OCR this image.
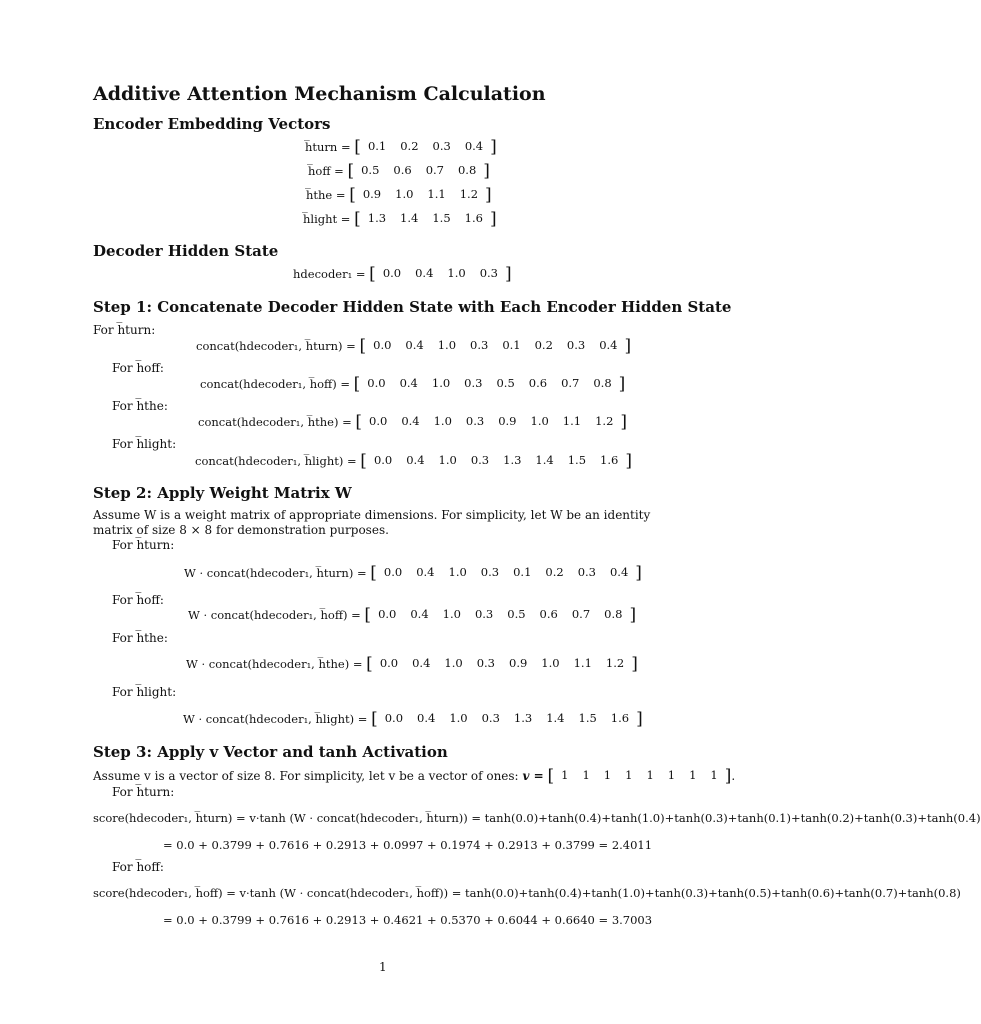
Additive Attention Mechanism Calculation
Encoder Embedding Vectors
h̅turn = [ 0.1 0.2 0.3 0.4 ]
h̅off = [ 0.5 0.6 0.7 0.8 ]
h̅the = [ 0.9 1.0 1.1 1.2 ]
h̅light = [ 1.3 1.4 1.5 1.6 ]
Decoder Hidden State
hdecoder₁ = [ 0.0 0.4 1.0 0.3 ]
Step 1: Concatenate Decoder Hidden State with Each Encoder Hidden State
For h̅turn:
concat(hdecoder₁, h̅turn) = [ 0.0 0.4 1.0 0.3 0.1 0.2 0.3 0.4 ]
For h̅off:
concat(hdecoder₁, h̅off) = [ 0.0 0.4 1.0 0.3 0.5 0.6 0.7 0.8 ]
For h̅the:
concat(hdecoder₁, h̅the) = [ 0.0 0.4 1.0 0.3 0.9 1.0 1.1 1.2 ]
For h̅light:
concat(hdecoder₁, h̅light) = [ 0.0 0.4 1.0 0.3 1.3 1.4 1.5 1.6 ]
Step 2: Apply Weight Matrix W
Assume W is a weight matrix of appropriate dimensions. For simplicity, let W be an identity matrix of size 8 × 8 for demonstration purposes.
For h̅turn:
W · concat(hdecoder₁, h̅turn) = [ 0.0 0.4 1.0 0.3 0.1 0.2 0.3 0.4 ]
For h̅off:
W · concat(hdecoder₁, h̅off) = [ 0.0 0.4 1.0 0.3 0.5 0.6 0.7 0.8 ]
For h̅the:
W · concat(hdecoder₁, h̅the) = [ 0.0 0.4 1.0 0.3 0.9 1.0 1.1 1.2 ]
For h̅light:
W · concat(hdecoder₁, h̅light) = [ 0.0 0.4 1.0 0.3 1.3 1.4 1.5 1.6 ]
Step 3: Apply v Vector and tanh Activation
Assume v is a vector of size 8. For simplicity, let v be a vector of ones: v = [ 1 1 1 1 1 1 1 1 ] .
For h̅turn:
score(hdecoder₁, h̅turn) = v·tanh (W · concat(hdecoder₁, h̅turn)) = tanh(0.0)+tanh(0.4)+tanh(1.0)+tanh(0.3)+tanh(0.1)+tanh(0.2)+tanh(0.3)+tanh(0.4)
= 0.0 + 0.3799 + 0.7616 + 0.2913 + 0.0997 + 0.1974 + 0.2913 + 0.3799 = 2.4011
For h̅off:
score(hdecoder₁, h̅off) = v·tanh (W · concat(hdecoder₁, h̅off)) = tanh(0.0)+tanh(0.4)+tanh(1.0)+tanh(0.3)+tanh(0.5)+tanh(0.6)+tanh(0.7)+tanh(0.8)
= 0.0 + 0.3799 + 0.7616 + 0.2913 + 0.4621 + 0.5370 + 0.6044 + 0.6640 = 3.7003
1
